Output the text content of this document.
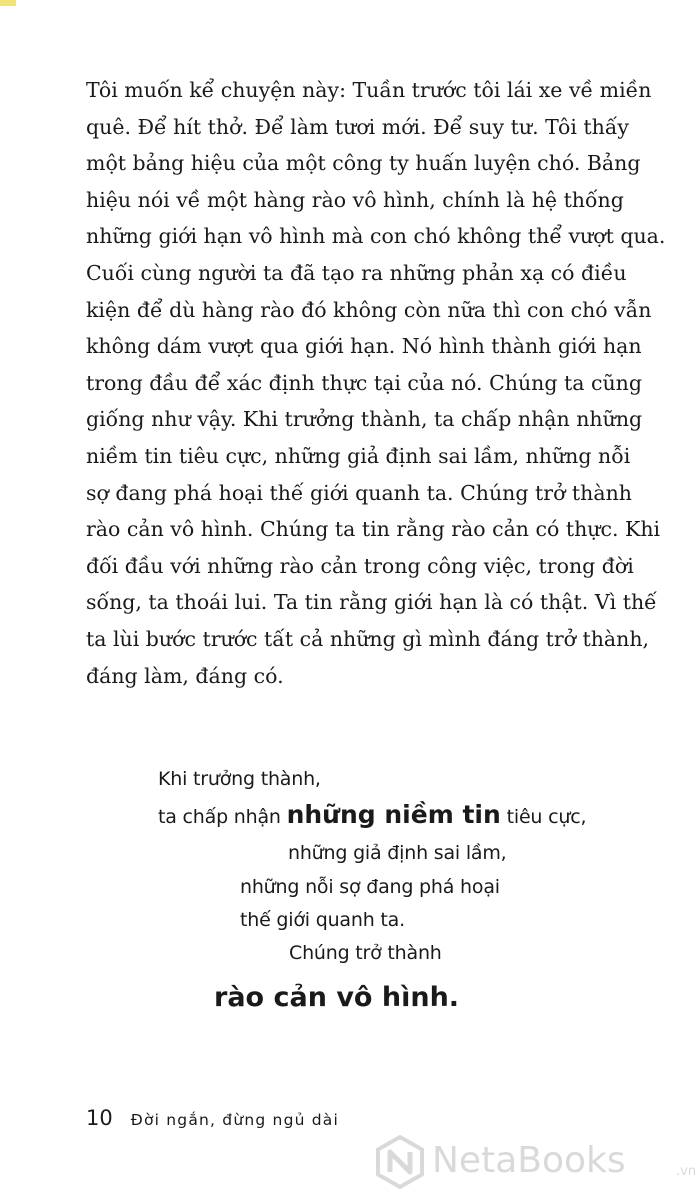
Tôi muốn kể chuyện này: Tuần trước tôi lái xe về miền
quê. Để hít thở. Để làm tươi mới. Để suy tư. Tôi thấy
một bảng hiệu của một công ty huấn luyện chó. Bảng
hiệu nói về một hàng rào vô hình, chính là hệ thống
những giới hạn vô hình mà con chó không thể vượt qua.
Cuối cùng người ta đã tạo ra những phản xạ có điều
kiện để dù hàng rào đó không còn nữa thì con chó vẫn
không dám vượt qua giới hạn. Nó hình thành giới hạn
trong đầu để xác định thực tại của nó. Chúng ta cũng
giống như vậy. Khi trưởng thành, ta chấp nhận những
niềm tin tiêu cực, những giả định sai lầm, những nỗi
sợ đang phá hoại thế giới quanh ta. Chúng trở thành
rào cản vô hình. Chúng ta tin rằng rào cản có thực. Khi
đối đầu với những rào cản trong công việc, trong đời
sống, ta thoái lui. Ta tin rằng giới hạn là có thật. Vì thế
ta lùi bước trước tất cả những gì mình đáng trở thành,
đáng làm, đáng có.
Khi trưởng thành,
ta chấp nhận những niềm tin tiêu cực,
những giả định sai lầm,
những nỗi sợ đang phá hoại
thế giới quanh ta.
Chúng trở thành
rào cản vô hình.
10 Đời ngắn, đừng ngủ dài
NetaBooks	.vn
